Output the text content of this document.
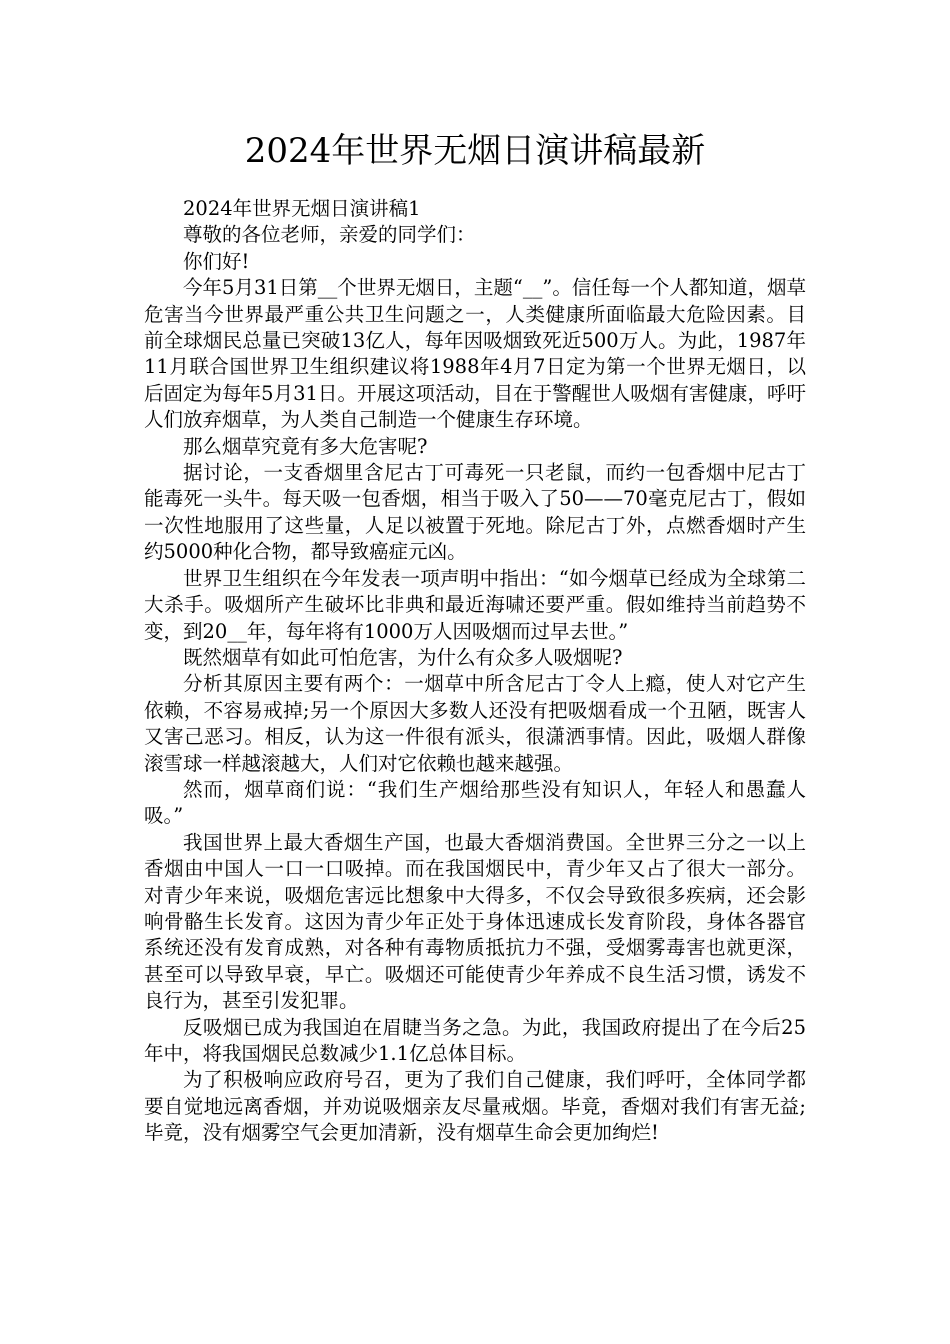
2024年世界无烟日演讲稿最新

2024年世界无烟日演讲稿1

尊敬的各位老师，亲爱的同学们：

你们好!

今年5月31日第__个世界无烟日，主题“__”。信任每一个人都知道，烟草危害当今世界最严重公共卫生问题之一，人类健康所面临最大危险因素。目前全球烟民总量已突破13亿人，每年因吸烟致死近500万人。为此，1987年11月联合国世界卫生组织建议将1988年4月7日定为第一个世界无烟日，以后固定为每年5月31日。开展这项活动，目在于警醒世人吸烟有害健康，呼吁人们放弃烟草，为人类自己制造一个健康生存环境。

那么烟草究竟有多大危害呢?

据讨论，一支香烟里含尼古丁可毒死一只老鼠，而约一包香烟中尼古丁能毒死一头牛。每天吸一包香烟，相当于吸入了50——70毫克尼古丁，假如一次性地服用了这些量，人足以被置于死地。除尼古丁外，点燃香烟时产生约5000种化合物，都导致癌症元凶。

世界卫生组织在今年发表一项声明中指出：“如今烟草已经成为全球第二大杀手。吸烟所产生破坏比非典和最近海啸还要严重。假如维持当前趋势不变，到20__年，每年将有1000万人因吸烟而过早去世。”

既然烟草有如此可怕危害，为什么有众多人吸烟呢?

分析其原因主要有两个：一烟草中所含尼古丁令人上瘾，使人对它产生依赖，不容易戒掉;另一个原因大多数人还没有把吸烟看成一个丑陋，既害人又害己恶习。相反，认为这一件很有派头，很潇洒事情。因此，吸烟人群像滚雪球一样越滚越大，人们对它依赖也越来越强。

然而，烟草商们说：“我们生产烟给那些没有知识人，年轻人和愚蠢人吸。”

我国世界上最大香烟生产国，也最大香烟消费国。全世界三分之一以上香烟由中国人一口一口吸掉。而在我国烟民中，青少年又占了很大一部分。对青少年来说，吸烟危害远比想象中大得多，不仅会导致很多疾病，还会影响骨骼生长发育。这因为青少年正处于身体迅速成长发育阶段，身体各器官系统还没有发育成熟，对各种有毒物质抵抗力不强，受烟雾毒害也就更深，甚至可以导致早衰，早亡。吸烟还可能使青少年养成不良生活习惯，诱发不良行为，甚至引发犯罪。

反吸烟已成为我国迫在眉睫当务之急。为此，我国政府提出了在今后25年中，将我国烟民总数减少1.1亿总体目标。

为了积极响应政府号召，更为了我们自己健康，我们呼吁，全体同学都要自觉地远离香烟，并劝说吸烟亲友尽量戒烟。毕竟，香烟对我们有害无益;毕竟，没有烟雾空气会更加清新，没有烟草生命会更加绚烂!
